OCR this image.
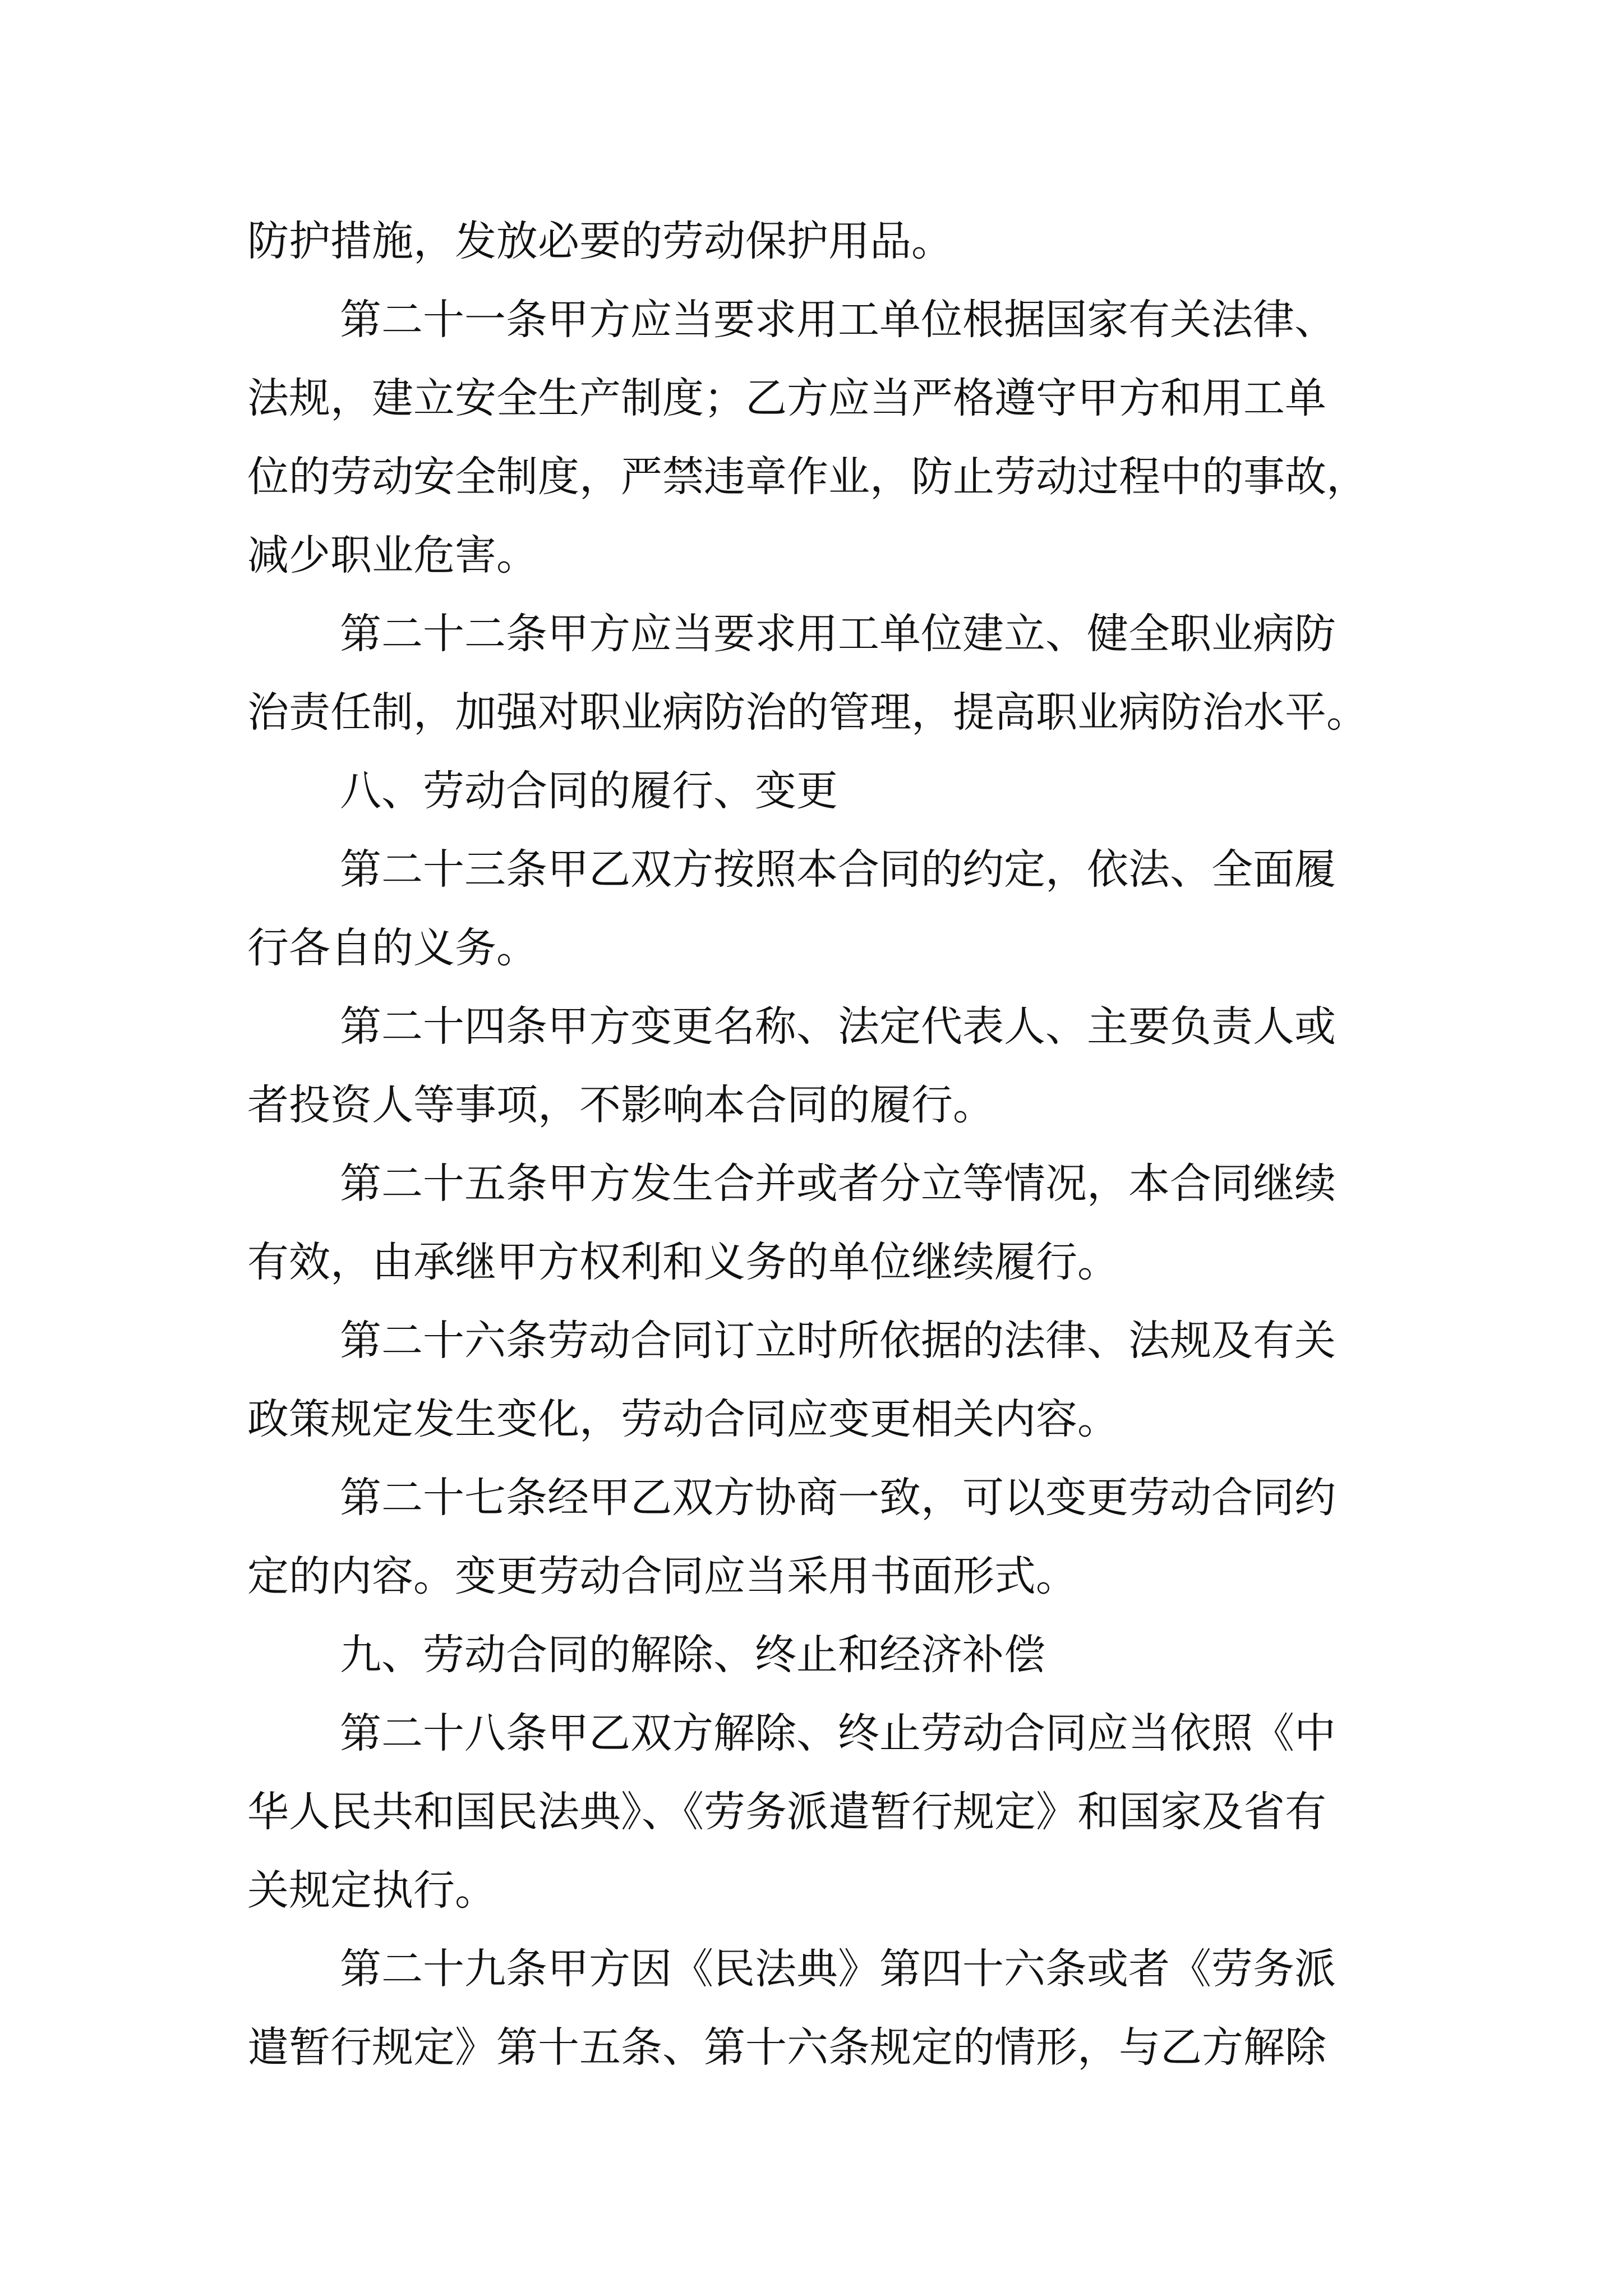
防护措施，发放必要的劳动保护用品。
第二十一条甲方应当要求用工单位根据国家有关法律、
法规，建立安全生产制度；乙方应当严格遵守甲方和用工单
位的劳动安全制度，严禁违章作业，防止劳动过程中的事故，
减少职业危害。
第二十二条甲方应当要求用工单位建立、健全职业病防
治责任制，加强对职业病防治的管理，提高职业病防治水平。
八、劳动合同的履行、变更
第二十三条甲乙双方按照本合同的约定，依法、全面履
行各自的义务。
第二十四条甲方变更名称、法定代表人、主要负责人或
者投资人等事项，不影响本合同的履行。
第二十五条甲方发生合并或者分立等情况，本合同继续
有效，由承继甲方权利和义务的单位继续履行。
第二十六条劳动合同订立时所依据的法律、法规及有关
政策规定发生变化，劳动合同应变更相关内容。
第二十七条经甲乙双方协商一致，可以变更劳动合同约
定的内容。变更劳动合同应当采用书面形式。
九、劳动合同的解除、终止和经济补偿
第二十八条甲乙双方解除、终止劳动合同应当依照《中
华人民共和国民法典》、《劳务派遣暂行规定》和国家及省有
关规定执行。
第二十九条甲方因《民法典》第四十六条或者《劳务派
遣暂行规定》第十五条、第十六条规定的情形，与乙方解除
